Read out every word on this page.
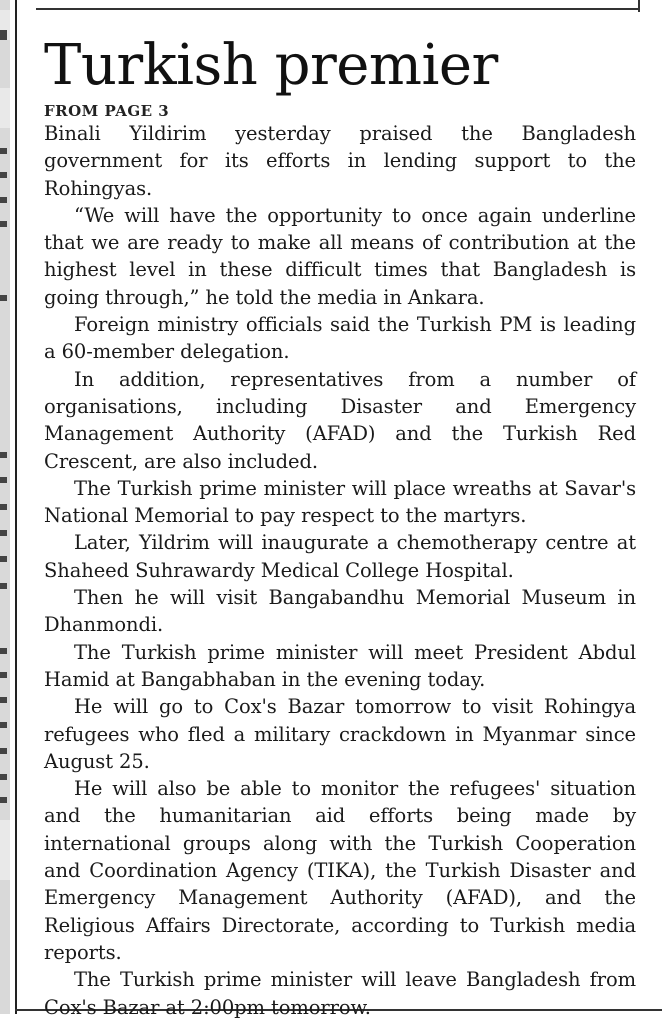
Turkish premier
FROM PAGE 3

Binali Yildirim yesterday praised the Bangladesh government for its efforts in lending support to the Rohingyas.

“We will have the opportunity to once again underline that we are ready to make all means of contribution at the highest level in these difficult times that Bangladesh is going through,” he told the media in Ankara.

Foreign ministry officials said the Turkish PM is leading a 60-member delegation.

In addition, representatives from a number of organisations, including Disaster and Emergency Management Authority (AFAD) and the Turkish Red Crescent, are also included.

The Turkish prime minister will place wreaths at Savar's National Memorial to pay respect to the martyrs.

Later, Yildrim will inaugurate a chemotherapy centre at Shaheed Suhrawardy Medical College Hospital.

Then he will visit Bangabandhu Memorial Museum in Dhanmondi.

The Turkish prime minister will meet President Abdul Hamid at Bangabhaban in the evening today.

He will go to Cox's Bazar tomorrow to visit Rohingya refugees who fled a military crackdown in Myanmar since August 25.

He will also be able to monitor the refugees' situation and the humanitarian aid efforts being made by international groups along with the Turkish Cooperation and Coordination Agency (TIKA), the Turkish Disaster and Emergency Management Authority (AFAD), and the Religious Affairs Directorate, according to Turkish media reports.

The Turkish prime minister will leave Bangladesh from Cox's Bazar at 2:00pm tomorrow.
